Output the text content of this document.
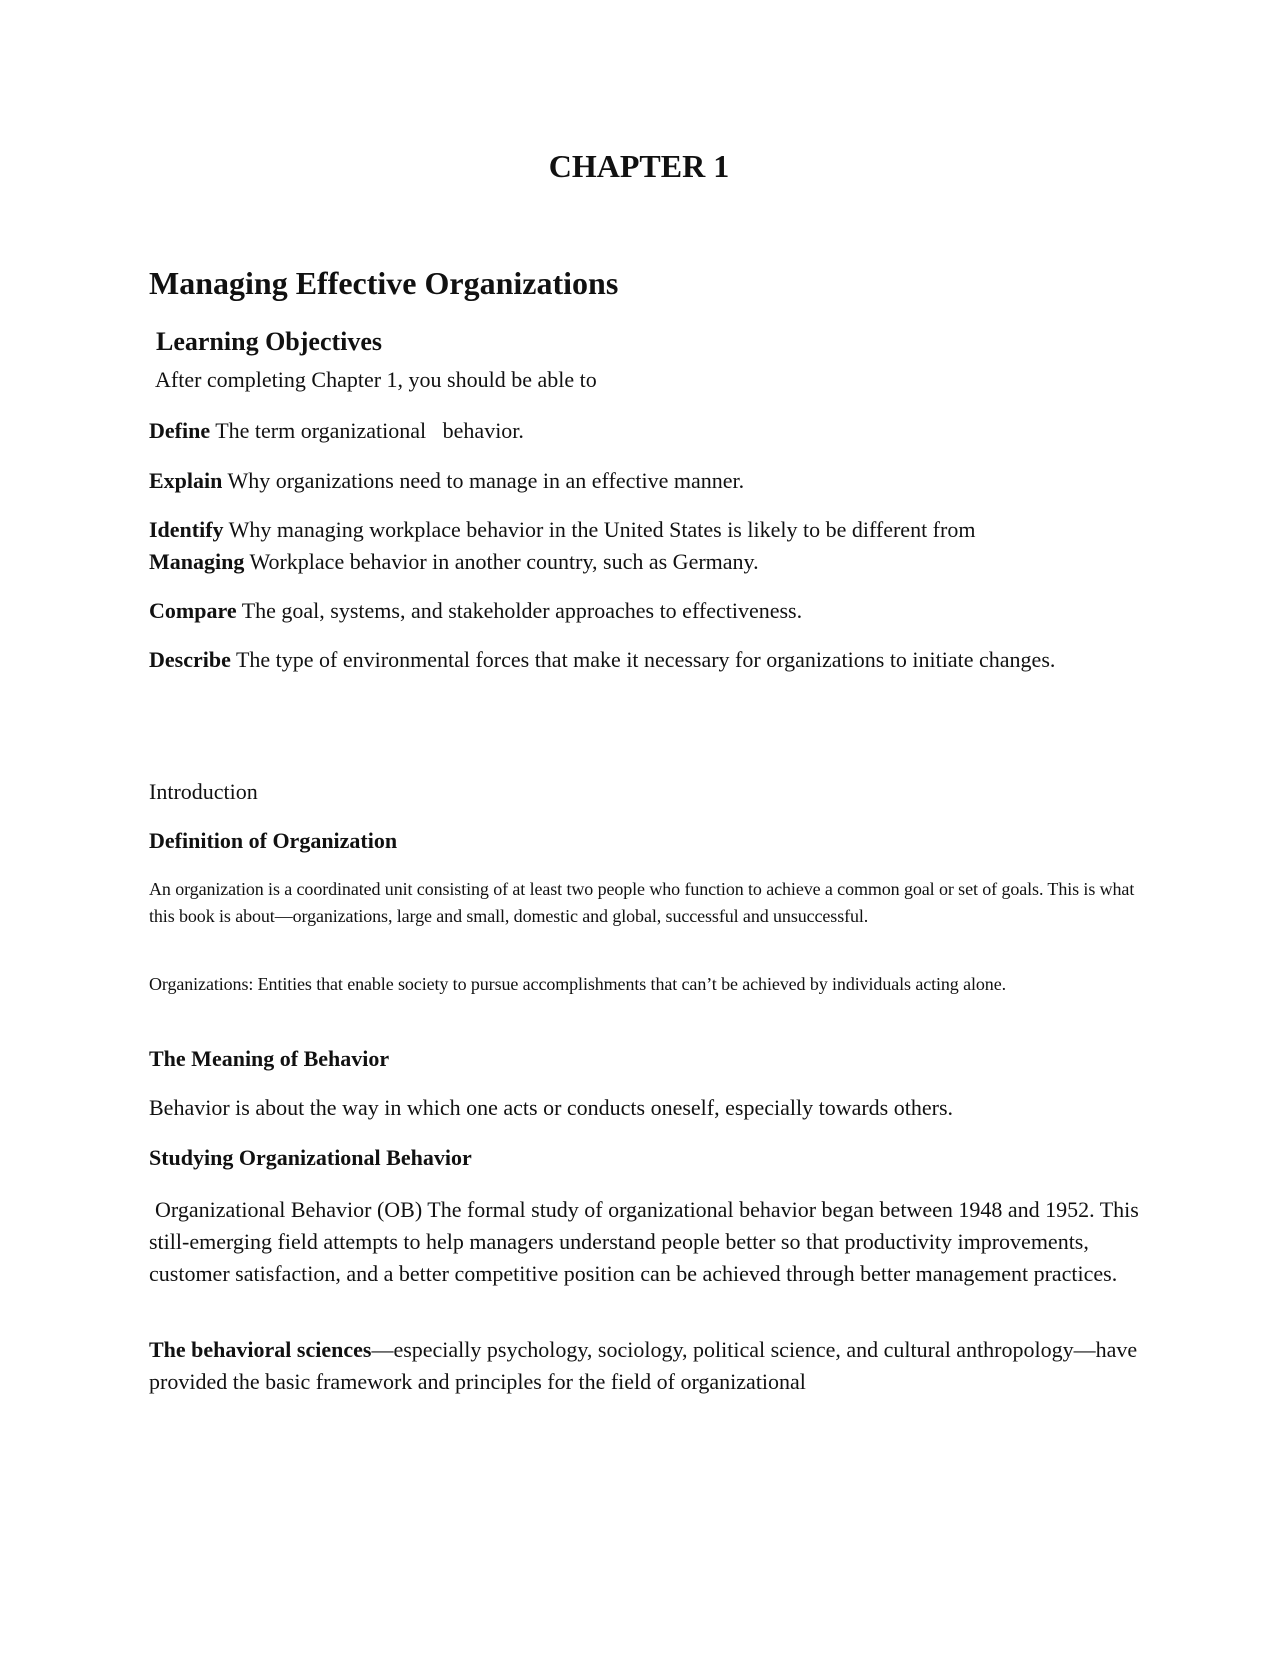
CHAPTER 1
Managing Effective Organizations
Learning Objectives

After completing Chapter 1, you should be able to

Define The term organizational   behavior.

Explain Why organizations need to manage in an effective manner.

Identify Why managing workplace behavior in the United States is likely to be different from
Managing Workplace behavior in another country, such as Germany.

Compare The goal, systems, and stakeholder approaches to effectiveness.

Describe The type of environmental forces that make it necessary for organizations to initiate changes.

Introduction

Definition of Organization

An organization is a coordinated unit consisting of at least two people who function to achieve a common goal or set of goals. This is what this book is about—organizations, large and small, domestic and global, successful and unsuccessful.

Organizations: Entities that enable society to pursue accomplishments that can’t be achieved by individuals acting alone.

The Meaning of Behavior

Behavior is about the way in which one acts or conducts oneself, especially towards others.

Studying Organizational Behavior

Organizational Behavior (OB) The formal study of organizational behavior began between 1948 and 1952. This still-emerging field attempts to help managers understand people better so that productivity improvements, customer satisfaction, and a better competitive position can be achieved through better management practices.

The behavioral sciences—especially psychology, sociology, political science, and cultural anthropology—have provided the basic framework and principles for the field of organizational
